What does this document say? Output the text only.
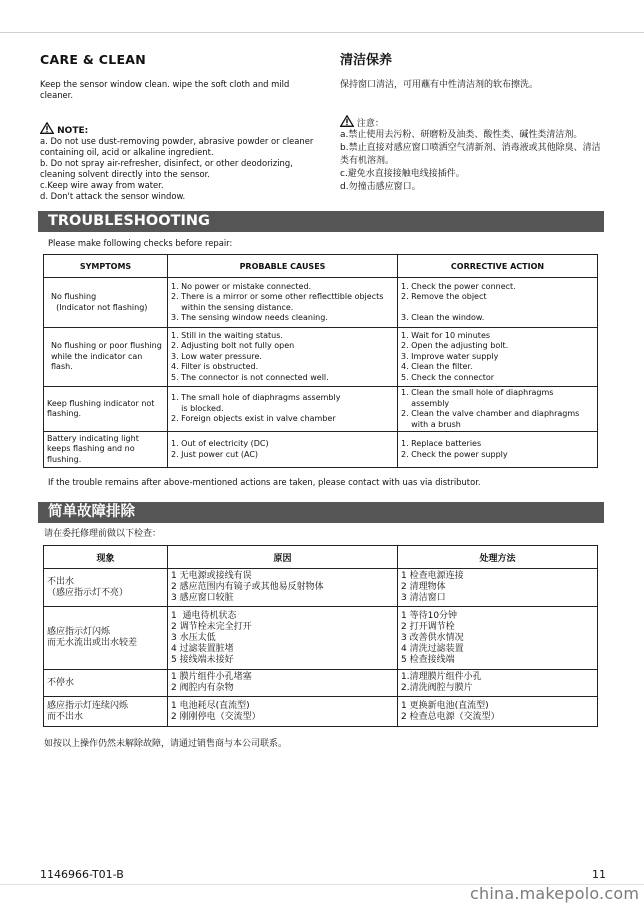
CARE & CLEAN
Keep the sensor window clean. wipe the soft cloth and mild cleaner.
NOTE:
a. Do not use dust-removing powder, abrasive powder or cleaner containing oil, acid or alkaline ingredient.
b. Do not spray air-refresher, disinfect, or other deodorizing, cleaning solvent directly into the sensor.
c.Keep wire away from water.
d. Don't attack the sensor window.
清洁保养
保持窗口清洁，可用蘸有中性清洁剂的软布擦洗。
注意：
a.禁止使用去污粉、研磨粉及油类、酸性类、碱性类清洁剂。
b.禁止直接对感应窗口喷洒空气清新剂、消毒液或其他除臭、清洁类有机溶剂。
c.避免水直接接触电线接插件。
d.勿撞击感应窗口。
TROUBLESHOOTING
Please make following checks before repair:
SYMPTOMS	PROBABLE CAUSES	CORRECTIVE ACTION
No flushing
(Indicator not flashing)	1. No power or mistake connected.
2. There is a mirror or some other reflecttible objects
within the sensing distance.
3. The sensing window needs cleaning.	1. Check the power connect.
2. Remove the object

3. Clean the window.
No flushing or poor flushing while the indicator can flash.	1. Still in the waiting status.
2. Adjusting bolt not fully open
3. Low water pressure.
4. Filter is obstructed.
5. The connector is not connected well.	1. Wait for 10 minutes
2. Open the adjusting bolt.
3. Improve water supply
4. Clean the filter.
5. Check the connector
Keep flushing indicator not flashing.	1. The small hole of diaphragms assembly
is blocked.
2. Foreign objects exist in valve chamber	1. Clean the small hole of diaphragms
assembly
2. Clean the valve chamber and diaphragms
with a brush
Battery indicating light keeps flashing and no flushing.	1. Out of electricity (DC)
2. Just power cut (AC)	1. Replace batteries
2. Check the power supply
If the trouble remains after above-mentioned actions are taken, please contact with uas via distributor.
简单故障排除
请在委托修理前做以下检查：
现象	原因	处理方法
不出水
（感应指示灯不亮）	1 无电源或接线有误
2 感应范围内有镜子或其他易反射物体
3 感应窗口较脏	1 检查电源连接
2 清理物体
3 清洁窗口
感应指示灯闪烁
而无水流出或出水较差	1  通电待机状态
2 调节栓未完全打开
3 水压太低
4 过滤装置脏堵
5 接线端未接好	1 等待10分钟
2 打开调节栓
3 改善供水情况
4 清洗过滤装置
5 检查接线端
不停水	1 膜片组件小孔堵塞
2 阀腔内有杂物	1.清理膜片组件小孔
2.清洗阀腔与膜片
感应指示灯连续闪烁
而不出水	1 电池耗尽(直流型)
2 刚刚停电（交流型）	1 更换新电池(直流型)
2 检查总电源（交流型）
如按以上操作仍然未解除故障，请通过销售商与本公司联系。
1146966-T01-B	11
china.makepolo.com
